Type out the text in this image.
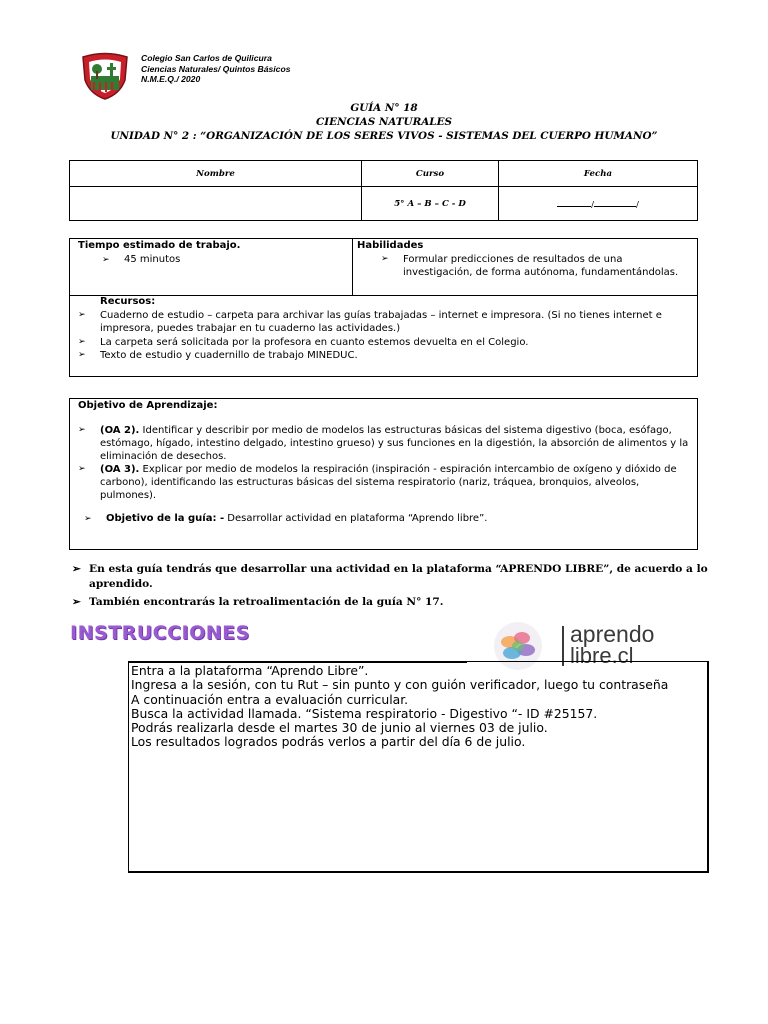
Colegio San Carlos de Quilicura
Ciencias Naturales/ Quintos Básicos
N.M.E.Q./ 2020
GUÍA N° 18
CIENCIAS NATURALES
UNIDAD N° 2 : “ORGANIZACIÓN DE LOS SERES VIVOS - SISTEMAS DEL CUERPO HUMANO”
Nombre	Curso	Fecha
	5° A – B – C - D	/ /
Tiempo estimado de trabajo.
➢ 45 minutos
Habilidades
➢	Formular predicciones de resultados de una investigación, de forma autónoma, fundamentándolas.
Recursos:
➢	Cuaderno de estudio – carpeta para archivar las guías trabajadas – internet e impresora. (Si no tienes internet e impresora, puedes trabajar en tu cuaderno las actividades.)
➢	La carpeta será solicitada por la profesora en cuanto estemos devuelta en el Colegio.
➢	Texto de estudio y cuadernillo de trabajo MINEDUC.
Objetivo de Aprendizaje:
➢	(OA 2). Identificar y describir por medio de modelos las estructuras básicas del sistema digestivo (boca, esófago, estómago, hígado, intestino delgado, intestino grueso) y sus funciones en la digestión, la absorción de alimentos y la eliminación de desechos.
➢	(OA 3). Explicar por medio de modelos la respiración (inspiración - espiración intercambio de oxígeno y dióxido de carbono), identificando las estructuras básicas del sistema respiratorio (nariz, tráquea, bronquios, alveolos, pulmones).
➢ Objetivo de la guía: - Desarrollar actividad en plataforma “Aprendo libre”.
➢ En esta guía tendrás que desarrollar una actividad en la plataforma “APRENDO LIBRE”, de acuerdo a lo aprendido.
➢ También encontrarás la retroalimentación de la guía N° 17.
INSTRUCCIONES	aprendo
libre.cl
Entra a la plataforma “Aprendo Libre”.
Ingresa a la sesión, con tu Rut – sin punto y con guión verificador, luego tu contraseña
A continuación entra a evaluación curricular.
Busca la actividad llamada. “Sistema respiratorio - Digestivo “- ID #25157.
Podrás realizarla desde el martes 30 de junio al viernes 03 de julio.
Los resultados logrados podrás verlos a partir del día 6 de julio.
